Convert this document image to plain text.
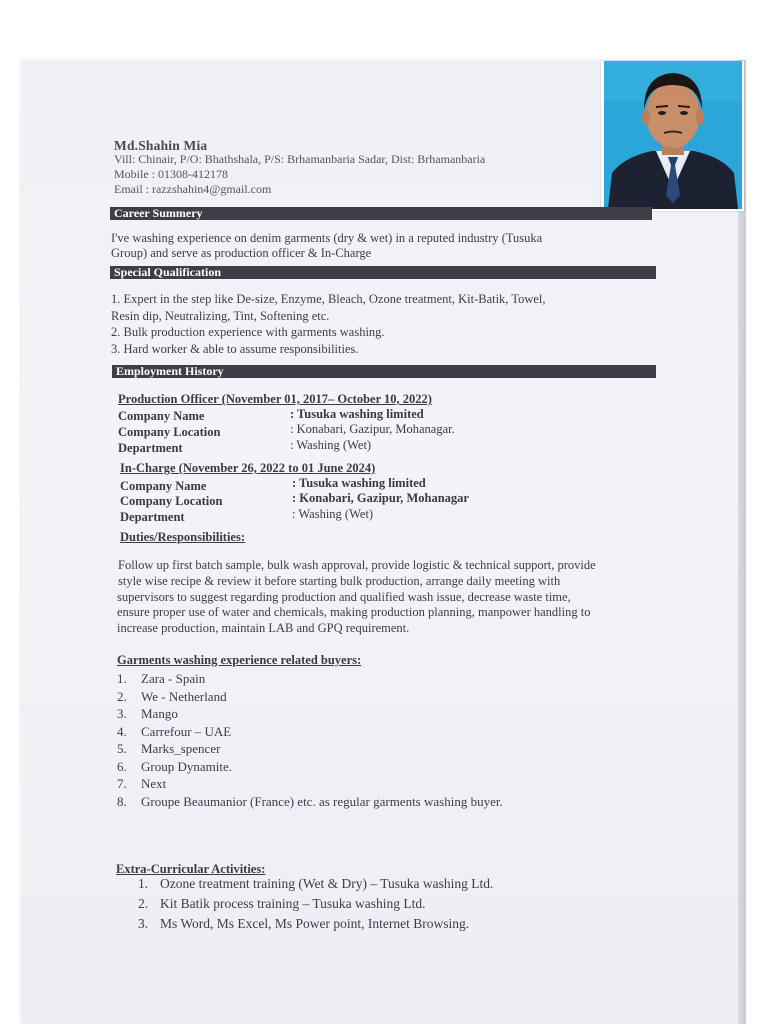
Md.Shahin Mia
Vill: Chinair, P/O: Bhathshala, P/S: Brhamanbaria Sadar, Dist: Brhamanbaria
Mobile : 01308-412178
Email : razzshahin4@gmail.com
Career Summery
I've washing experience on denim garments (dry & wet) in a reputed industry (Tusuka
Group) and serve as production officer & In-Charge
Special Qualification
1. Expert in the step like De-size, Enzyme, Bleach, Ozone treatment, Kit-Batik, Towel,
Resin dip, Neutralizing, Tint, Softening etc.
2. Bulk production experience with garments washing.
3. Hard worker & able to assume responsibilities.
Employment History
Production Officer (November 01, 2017– October 10, 2022)
Company Name	: Tusuka washing limited
Company Location	: Konabari, Gazipur, Mohanagar.
Department	: Washing (Wet)
In-Charge (November 26, 2022 to 01 June 2024)
Company Name	: Tusuka washing limited
Company Location	: Konabari, Gazipur, Mohanagar
Department	: Washing (Wet)
Duties/Responsibilities:
Follow up first batch sample, bulk wash approval, provide logistic & technical support, provide
style wise recipe & review it before starting bulk production, arrange daily meeting with
supervisors to suggest regarding production and qualified wash issue, decrease waste time,
ensure proper use of water and chemicals, making production planning, manpower handling to
increase production, maintain LAB and GPQ requirement.
Garments washing experience related buyers:
1. Zara - Spain
2. We - Netherland
3. Mango
4. Carrefour – UAE
5. Marks_spencer
6. Group Dynamite.
7. Next
8. Groupe Beaumanior (France) etc. as regular garments washing buyer.
Extra-Curricular Activities:
1. Ozone treatment training (Wet & Dry) – Tusuka washing Ltd.
2. Kit Batik process training – Tusuka washing Ltd.
3. Ms Word, Ms Excel, Ms Power point, Internet Browsing.
